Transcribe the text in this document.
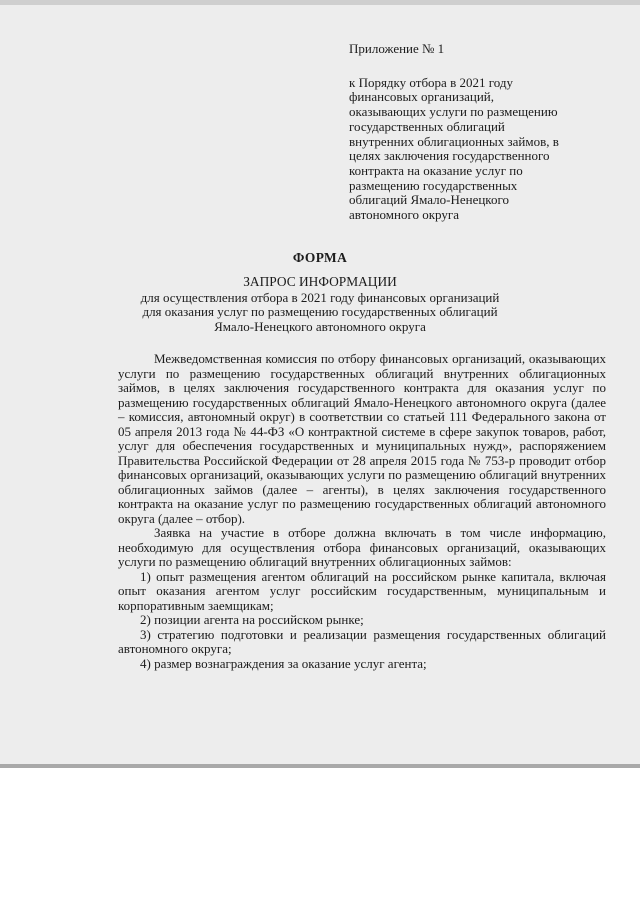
Приложение № 1
к Порядку отбора в 2021 году
финансовых организаций,
оказывающих услуги по размещению
государственных облигаций
внутренних облигационных займов, в
целях заключения государственного
контракта на оказание услуг по
размещению государственных
облигаций Ямало-Ненецкого
автономного округа
ФОРМА
ЗАПРОС ИНФОРМАЦИИ
для осуществления отбора в 2021 году финансовых организаций
для оказания услуг по размещению государственных облигаций
Ямало-Ненецкого автономного округа

Межведомственная комиссия по отбору финансовых организаций, оказывающих услуги по размещению государственных облигаций внутренних облигационных займов, в целях заключения государственного контракта для оказания услуг по размещению государственных облигаций Ямало-Ненецкого автономного округа (далее – комиссия, автономный округ) в соответствии со статьей 111 Федерального закона от 05 апреля 2013 года № 44-ФЗ «О контрактной системе в сфере закупок товаров, работ, услуг для обеспечения государственных и муниципальных нужд», распоряжением Правительства Российской Федерации от 28 апреля 2015 года № 753-р проводит отбор финансовых организаций, оказывающих услуги по размещению облигаций внутренних облигационных займов (далее – агенты), в целях заключения государственного контракта на оказание услуг по размещению государственных облигаций автономного округа (далее – отбор).

Заявка на участие в отборе должна включать в том числе информацию, необходимую для осуществления отбора финансовых организаций, оказывающих услуги по размещению облигаций внутренних облигационных займов:

1) опыт размещения агентом облигаций на российском рынке капитала, включая опыт оказания агентом услуг российским государственным, муниципальным и корпоративным заемщикам;

2) позиции агента на российском рынке;

3) стратегию подготовки и реализации размещения государственных облигаций автономного округа;

4) размер вознаграждения за оказание услуг агента;
